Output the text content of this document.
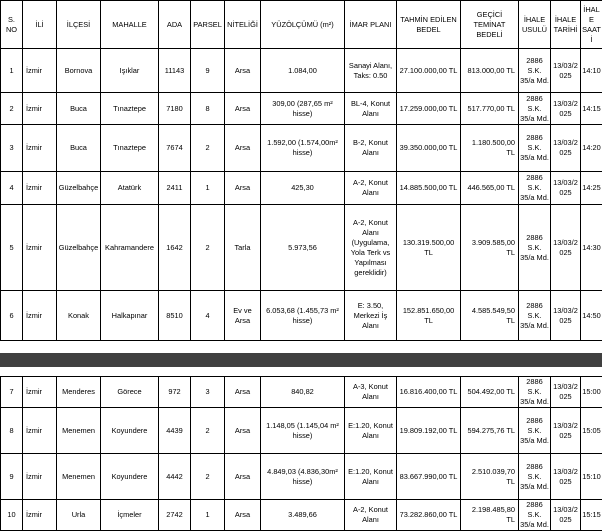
S. NO	İLİ	İLÇESİ	MAHALLE	ADA	PARSEL	NİTELİĞİ	YÜZÖLÇÜMÜ (m²)	İMAR PLANI	TAHMİN EDİLEN BEDEL	GEÇİCİ TEMİNAT BEDELİ	İHALE USULÜ	İHALE TARİHİ	İHALE SAATİ
1	İzmir	Bornova	Işıklar	11143	9	Arsa	1.084,00	Sanayi Alanı, Taks: 0.50	27.100.000,00 TL	813.000,00 TL	2886 S.K. 35/a Md.	13/03/2025	14:10
2	İzmir	Buca	Tınaztepe	7180	8	Arsa	309,00 (287,65 m² hisse)	BL-4, Konut Alanı	17.259.000,00 TL	517.770,00 TL	2886 S.K. 35/a Md.	13/03/2025	14:15
3	İzmir	Buca	Tınaztepe	7674	2	Arsa	1.592,00 (1.574,00m² hisse)	B-2, Konut Alanı	39.350.000,00 TL	1.180.500,00 TL	2886 S.K. 35/a Md.	13/03/2025	14:20
4	İzmir	Güzelbahçe	Atatürk	2411	1	Arsa	425,30	A-2, Konut Alanı	14.885.500,00 TL	446.565,00 TL	2886 S.K. 35/a Md.	13/03/2025	14:25
5	İzmir	Güzelbahçe	Kahramandere	1642	2	Tarla	5.973,56	A-2, Konut Alanı (Uygulama, Yola Terk vs Yapılması gereklidir)	130.319.500,00 TL	3.909.585,00 TL	2886 S.K. 35/a Md.	13/03/2025	14:30
6	İzmir	Konak	Halkapınar	8510	4	Ev ve Arsa	6.053,68 (1.455,73 m² hisse)	E: 3.50, Merkezi İş Alanı	152.851.650,00 TL	4.585.549,50 TL	2886 S.K. 35/a Md.	13/03/2025	14:50
7	İzmir	Menderes	Görece	972	3	Arsa	840,82	A-3, Konut Alanı	16.816.400,00 TL	504.492,00 TL	2886 S.K. 35/a Md.	13/03/2025	15:00
8	İzmir	Menemen	Koyundere	4439	2	Arsa	1.148,05 (1.145,04 m² hisse)	E:1.20, Konut Alanı	19.809.192,00 TL	594.275,76 TL	2886 S.K. 35/a Md.	13/03/2025	15:05
9	İzmir	Menemen	Koyundere	4442	2	Arsa	4.849,03 (4.836,30m² hisse)	E:1.20, Konut Alanı	83.667.990,00 TL	2.510.039,70 TL	2886 S.K. 35/a Md.	13/03/2025	15:10
10	İzmir	Urla	İçmeler	2742	1	Arsa	3.489,66	A-2, Konut Alanı	73.282.860,00 TL	2.198.485,80 TL	2886 S.K. 35/a Md.	13/03/2025	15:15
